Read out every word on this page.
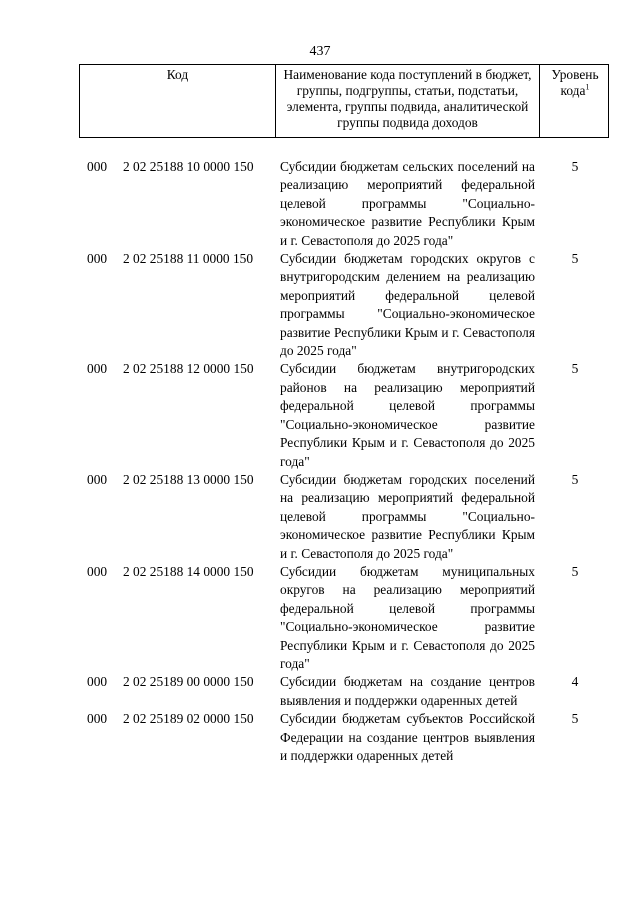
437
Код	Наименование кода поступлений в бюджет, группы, подгруппы, статьи, подстатьи, элемента, группы подвида, аналитической группы подвида доходов
Уровень кода$^1$
000 2 02 25188 10 0000 150 Субсидии бюджетам сельских поселений на реализацию мероприятий федеральной целевой программы "Социально-экономическое развитие Республики Крым и г. Севастополя до 2025 года"
5
000 2 02 25188 11 0000 150 Субсидии бюджетам городских округов с внутригородским делением на реализацию мероприятий федеральной целевой программы "Социально-экономическое развитие Республики Крым и г. Севастополя до 2025 года"
5
000 2 02 25188 12 0000 150 Субсидии бюджетам внутригородских районов на реализацию мероприятий федеральной целевой программы "Социально-экономическое развитие Республики Крым и г. Севастополя до 2025 года"
5
000 2 02 25188 13 0000 150 Субсидии бюджетам городских поселений на реализацию мероприятий федеральной целевой программы "Социально-экономическое развитие Республики Крым и г. Севастополя до 2025 года"
5
000 2 02 25188 14 0000 150 Субсидии бюджетам муниципальных округов на реализацию мероприятий федеральной целевой программы "Социально-экономическое развитие Республики Крым и г. Севастополя до 2025 года"
5
000 2 02 25189 00 0000 150 Субсидии бюджетам на создание центров выявления и поддержки одаренных детей
4
000 2 02 25189 02 0000 150 Субсидии бюджетам субъектов Российской Федерации на создание центров выявления и поддержки одаренных детей
5
